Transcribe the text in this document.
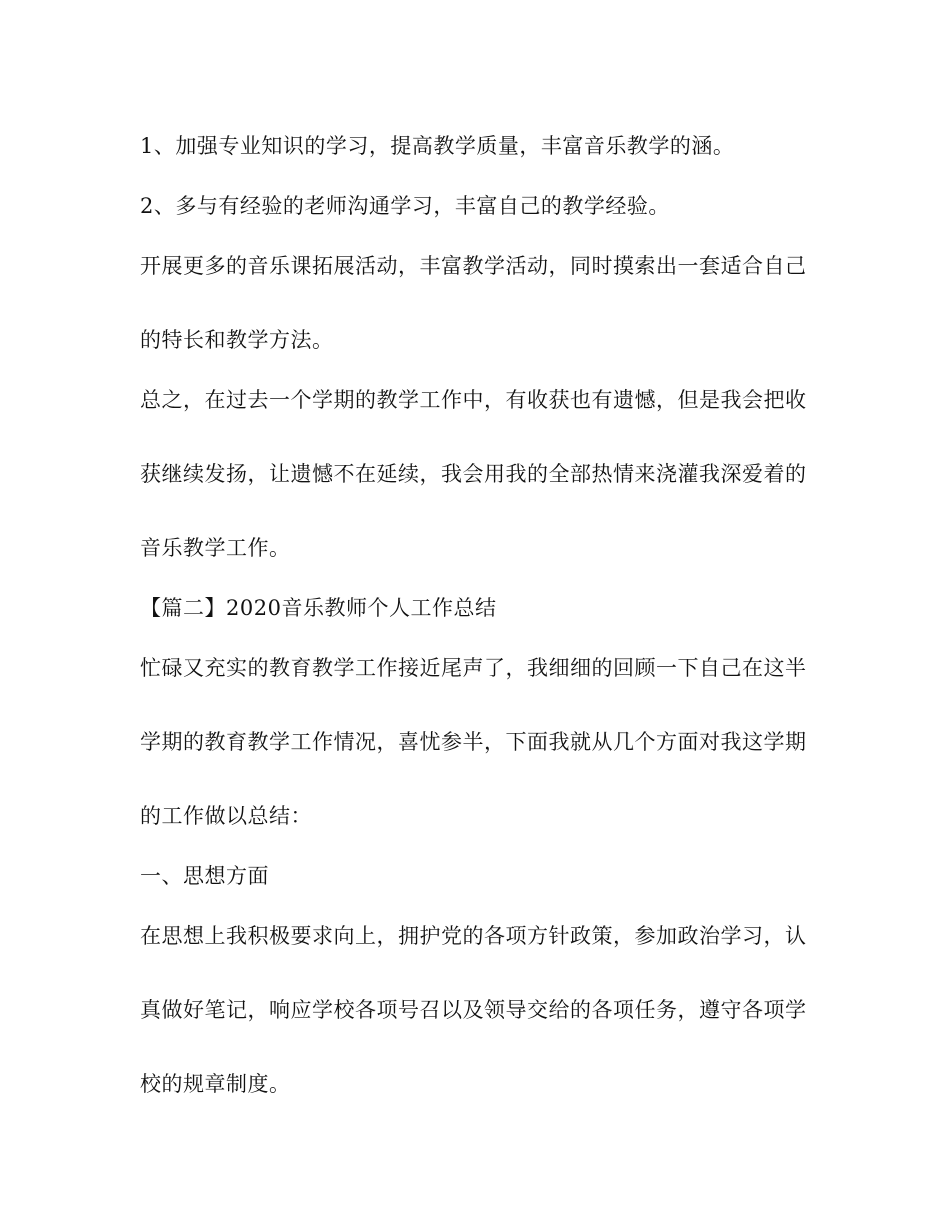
1、加强专业知识的学习，提高教学质量，丰富音乐教学的涵。
2、多与有经验的老师沟通学习，丰富自己的教学经验。
开展更多的音乐课拓展活动，丰富教学活动，同时摸索出一套适合自己
的特长和教学方法。
总之，在过去一个学期的教学工作中，有收获也有遗憾，但是我会把收
获继续发扬，让遗憾不在延续，我会用我的全部热情来浇灌我深爱着的
音乐教学工作。
【篇二】2020音乐教师个人工作总结
忙碌又充实的教育教学工作接近尾声了，我细细的回顾一下自己在这半
学期的教育教学工作情况，喜忧参半，下面我就从几个方面对我这学期
的工作做以总结：
一、思想方面
在思想上我积极要求向上，拥护党的各项方针政策，参加政治学习，认
真做好笔记，响应学校各项号召以及领导交给的各项任务，遵守各项学
校的规章制度。
